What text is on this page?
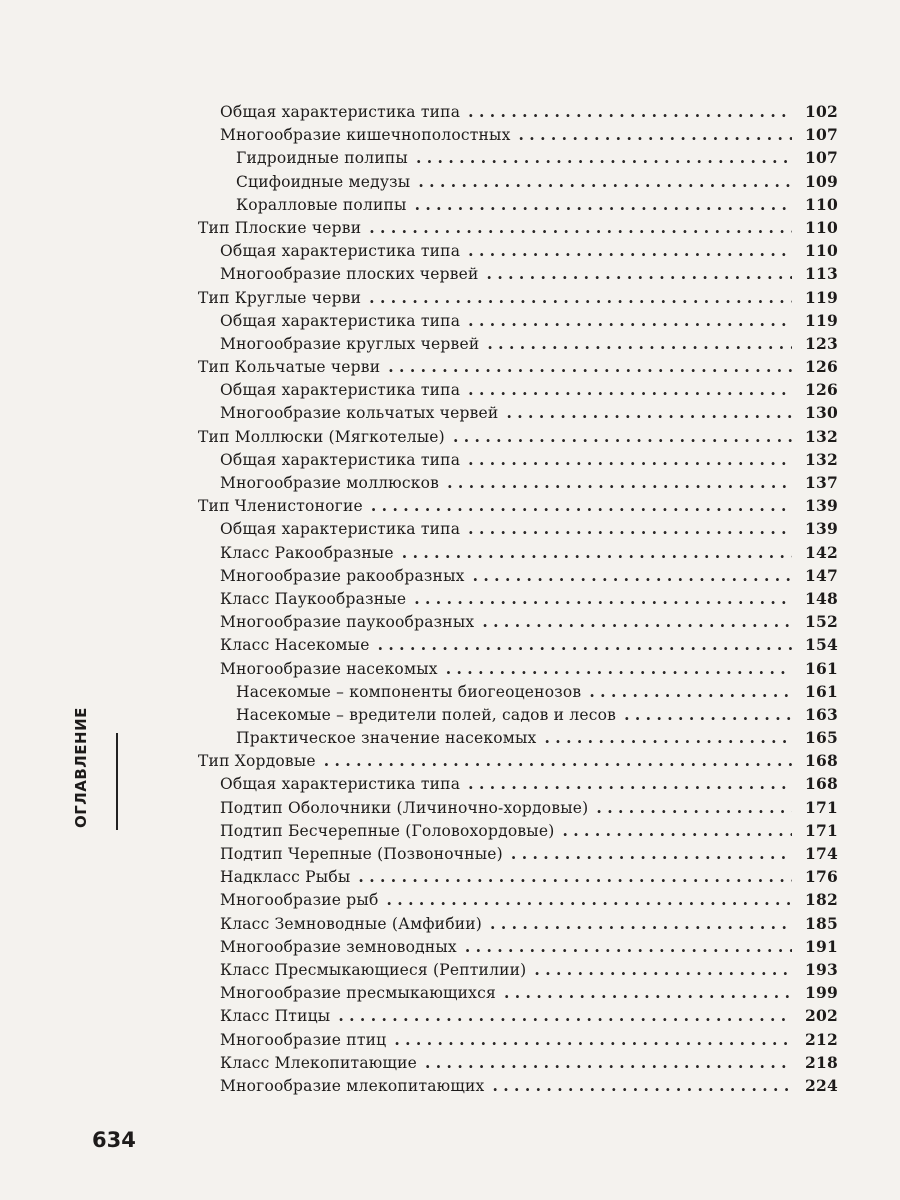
Общая характеристика типа . . .	102
Многообразие кишечнополостных . . .	107
Гидроидные полипы . . .	107
Сцифоидные медузы . . .	109
Коралловые полипы . . .	110
Тип Плоские черви . . .	110
Общая характеристика типа . . .	110
Многообразие плоских червей . . .	113
Тип Круглые черви . . .	119
Общая характеристика типа . . .	119
Многообразие круглых червей . . .	123
Тип Кольчатые черви . . .	126
Общая характеристика типа . . .	126
Многообразие кольчатых червей . . .	130
Тип Моллюски (Мягкотелые) . . .	132
Общая характеристика типа . . .	132
Многообразие моллюсков . . .	137
Тип Членистоногие . . .	139
Общая характеристика типа . . .	139
Класс Ракообразные . . .	142
Многообразие ракообразных . . .	147
Класс Паукообразные . . .	148
Многообразие паукообразных . . .	152
Класс Насекомые . . .	154
Многообразие насекомых . . .	161
Насекомые – компоненты биогеоценозов . . .	161
Насекомые – вредители полей, садов и лесов . . .	163
Практическое значение насекомых . . .	165
Тип Хордовые . . .	168
Общая характеристика типа . . .	168
Подтип Оболочники (Личиночно-хордовые) . . .	171
Подтип Бесчерепные (Головохордовые) . . .	171
Подтип Черепные (Позвоночные) . . .	174
Надкласс Рыбы . . .	176
Многообразие рыб . . .	182
Класс Земноводные (Амфибии) . . .	185
Многообразие земноводных . . .	191
Класс Пресмыкающиеся (Рептилии) . . .	193
Многообразие пресмыкающихся . . .	199
Класс Птицы . . .	202
Многообразие птиц . . .	212
Класс Млекопитающие . . .	218
Многообразие млекопитающих . . .	224
ОГЛАВЛЕНИЕ
634
